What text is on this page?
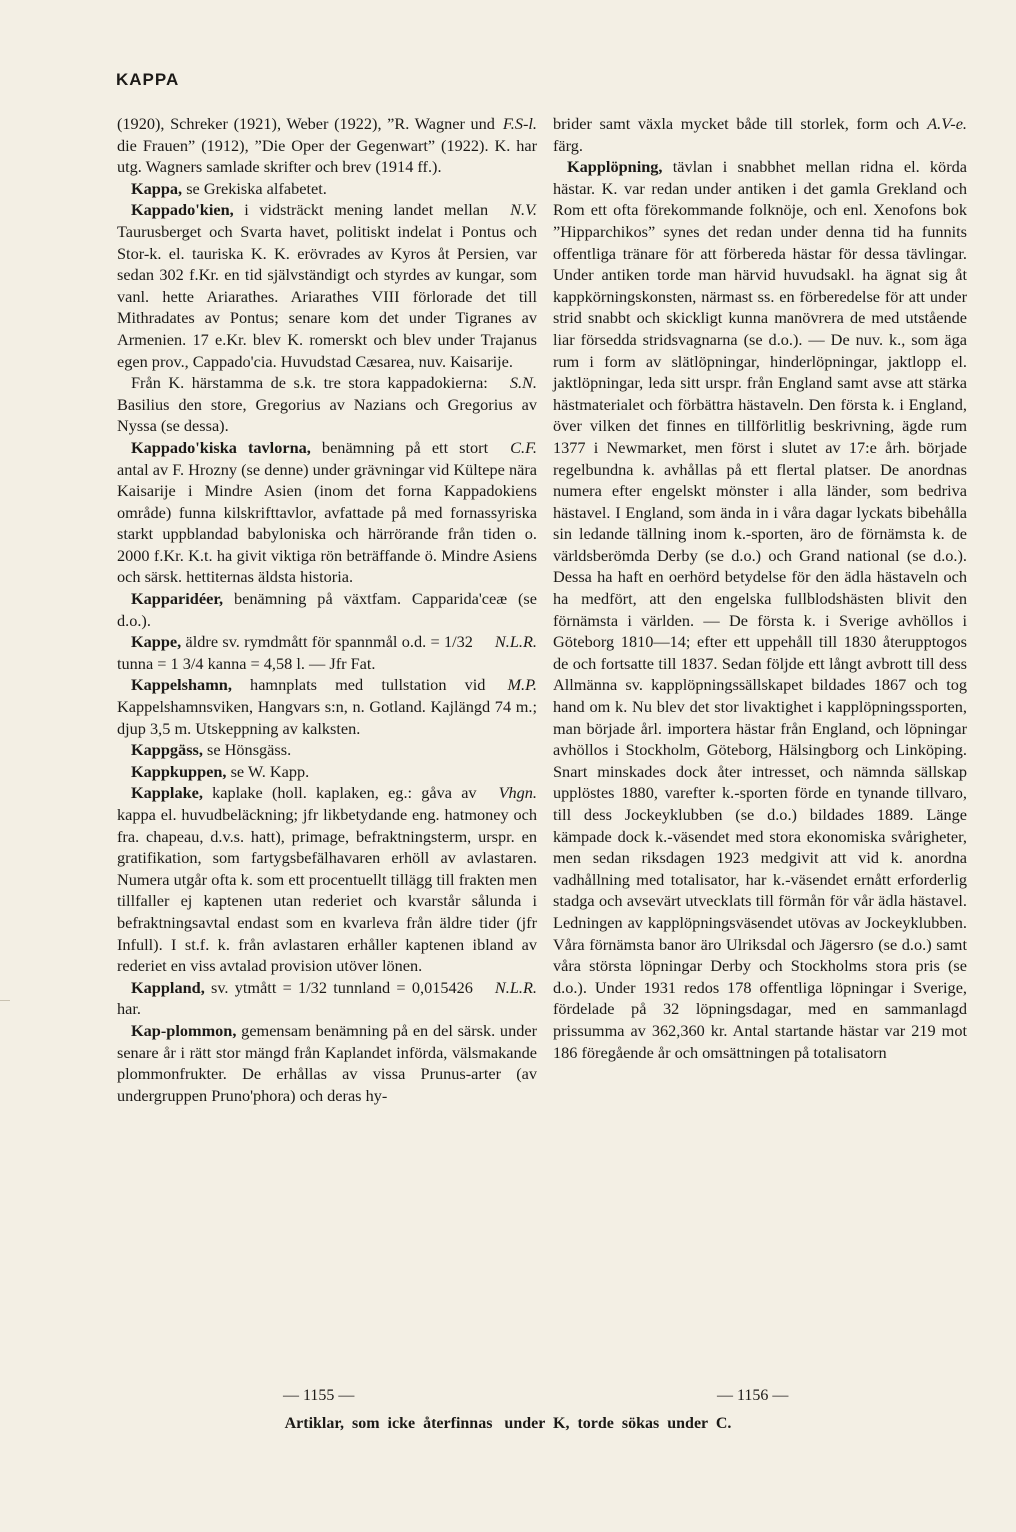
KAPPA

F.S-l.
(1920), Schreker (1921), Weber (1922), ”R. Wagner und die Frauen” (1912), ”Die Oper der Gegenwart” (1922). K. har utg. Wagners samlade skrifter och brev (1914 ff.).

Kappa, se Grekiska alfabetet.

N.V.
Kappado'kien, i vidsträckt mening landet mellan Taurusberget och Svarta havet, politiskt indelat i Pontus och Stor-k. el. tauriska K. K. erövrades av Kyros åt Persien, var sedan 302 f.Kr. en tid självständigt och styrdes av kungar, som vanl. hette Ariarathes. Ariarathes VIII förlorade det till Mithradates av Pontus; senare kom det under Tigranes av Armenien. 17 e.Kr. blev K. romerskt och blev under Trajanus egen prov., Cappado'cia. Huvudstad Cæsarea, nuv. Kaisarije.

S.N.
Från K. härstamma de s.k. tre stora kappadokierna: Basilius den store, Gregorius av Nazians och Gregorius av Nyssa (se dessa).

C.F.
Kappado'kiska tavlorna, benämning på ett stort antal av F. Hrozny (se denne) under grävningar vid Kültepe nära Kaisarije i Mindre Asien (inom det forna Kappadokiens område) funna kilskrifttavlor, avfattade på med fornassyriska starkt uppblandad babyloniska och härrörande från tiden o. 2000 f.Kr. K.t. ha givit viktiga rön beträffande ö. Mindre Asiens och särsk. hettiternas äldsta historia.

Kapparidéer, benämning på växtfam. Capparida'ceæ (se d.o.).

N.L.R.
Kappe, äldre sv. rymdmått för spannmål o.d. = 1/32 tunna = 1 3/4 kanna = 4,58 l. — Jfr Fat.

M.P.
Kappelshamn, hamnplats med tullstation vid Kappelshamnsviken, Hangvars s:n, n. Gotland. Kajlängd 74 m.; djup 3,5 m. Utskeppning av kalksten.

Kappgäss, se Hönsgäss.

Kappkuppen, se W. Kapp.

Vhgn.
Kapplake, kaplake (holl. kaplaken, eg.: gåva av kappa el. huvudbeläckning; jfr likbetydande eng. hatmoney och fra. chapeau, d.v.s. hatt), primage, befraktningsterm, urspr. en gratifikation, som fartygsbefälhavaren erhöll av avlastaren. Numera utgår ofta k. som ett procentuellt tillägg till frakten men tillfaller ej kaptenen utan rederiet och kvarstår sålunda i befraktningsavtal endast som en kvarleva från äldre tider (jfr Infull). I st.f. k. från avlastaren erhåller kaptenen ibland av rederiet en viss avtalad provision utöver lönen.

N.L.R.
Kappland, sv. ytmått = 1/32 tunnland = 0,015426 har.

Kap-plommon, gemensam benämning på en del särsk. under senare år i rätt stor mängd från Kaplandet införda, välsmakande plommonfrukter. De erhållas av vissa Prunus-arter (av undergruppen Pruno'phora) och deras hy-

A.V-e.
brider samt växla mycket både till storlek, form och färg.

Kapplöpning, tävlan i snabbhet mellan ridna el. körda hästar. K. var redan under antiken i det gamla Grekland och Rom ett ofta förekommande folknöje, och enl. Xenofons bok ”Hipparchikos” synes det redan under denna tid ha funnits offentliga tränare för att förbereda hästar för dessa tävlingar. Under antiken torde man härvid huvudsakl. ha ägnat sig åt kappkörningskonsten, närmast ss. en förberedelse för att under strid snabbt och skickligt kunna manövrera de med utstående liar försedda stridsvagnarna (se d.o.). — De nuv. k., som äga rum i form av slätlöpningar, hinderlöpningar, jaktlopp el. jaktlöpningar, leda sitt urspr. från England samt avse att stärka hästmaterialet och förbättra hästaveln. Den första k. i England, över vilken det finnes en tillförlitlig beskrivning, ägde rum 1377 i Newmarket, men först i slutet av 17:e årh. började regelbundna k. avhållas på ett flertal platser. De anordnas numera efter engelskt mönster i alla länder, som bedriva hästavel. I England, som ända in i våra dagar lyckats bibehålla sin ledande tällning inom k.-sporten, äro de förnämsta k. de världsberömda Derby (se d.o.) och Grand national (se d.o.). Dessa ha haft en oerhörd betydelse för den ädla hästaveln och ha medfört, att den engelska fullblodshästen blivit den förnämsta i världen. — De första k. i Sverige avhöllos i Göteborg 1810—14; efter ett uppehåll till 1830 återupptogos de och fortsatte till 1837. Sedan följde ett långt avbrott till dess Allmänna sv. kapplöpningssällskapet bildades 1867 och tog hand om k. Nu blev det stor livaktighet i kapplöpningssporten, man började årl. importera hästar från England, och löpningar avhöllos i Stockholm, Göteborg, Hälsingborg och Linköping. Snart minskades dock åter intresset, och nämnda sällskap upplöstes 1880, varefter k.-sporten förde en tynande tillvaro, till dess Jockeyklubben (se d.o.) bildades 1889. Länge kämpade dock k.-väsendet med stora ekonomiska svårigheter, men sedan riksdagen 1923 medgivit att vid k. anordna vadhållning med totalisator, har k.-väsendet ernått erforderlig stadga och avsevärt utvecklats till förmån för vår ädla hästavel. Ledningen av kapplöpningsväsendet utövas av Jockeyklubben. Våra förnämsta banor äro Ulriksdal och Jägersro (se d.o.) samt våra största löpningar Derby och Stockholms stora pris (se d.o.). Under 1931 redos 178 offentliga löpningar i Sverige, fördelade på 32 löpningsdagar, med en sammanlagd prissumma av 362,360 kr. Antal startande hästar var 219 mot 186 föregående år och omsättningen på totalisatorn

— 1155 —	— 1156 —
Artiklar, som icke återfinnas under K, torde sökas under C.
